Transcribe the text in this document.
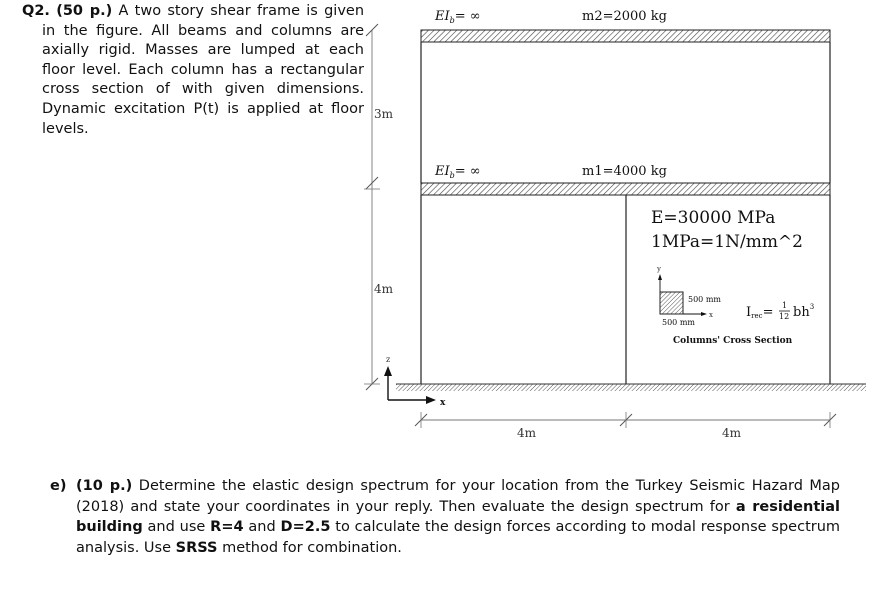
Q2. (50 p.) A two story shear frame is given in the figure. All beams and columns are axially rigid. Masses are lumped at each floor level. Each column has a rectangular cross section of with given dimensions. Dynamic excitation P(t) is applied at floor levels.
$EI_b=$ ∞	m2=2000 kg
$EI_b=$ ∞	m1=4000 kg
3m
4m
4m	4m
z
x
E=30000 MPa
1MPa=1N/mm^2
y
x
500 mm
500 mm
Irec= 1
12 $bh^3$
Columns' Cross Section
e) (10 p.) Determine the elastic design spectrum for your location from the Turkey Seismic Hazard Map (2018) and state your coordinates in your reply. Then evaluate the design spectrum for a residential building and use R=4 and D=2.5 to calculate the design forces according to modal response spectrum analysis. Use SRSS method for combination.
